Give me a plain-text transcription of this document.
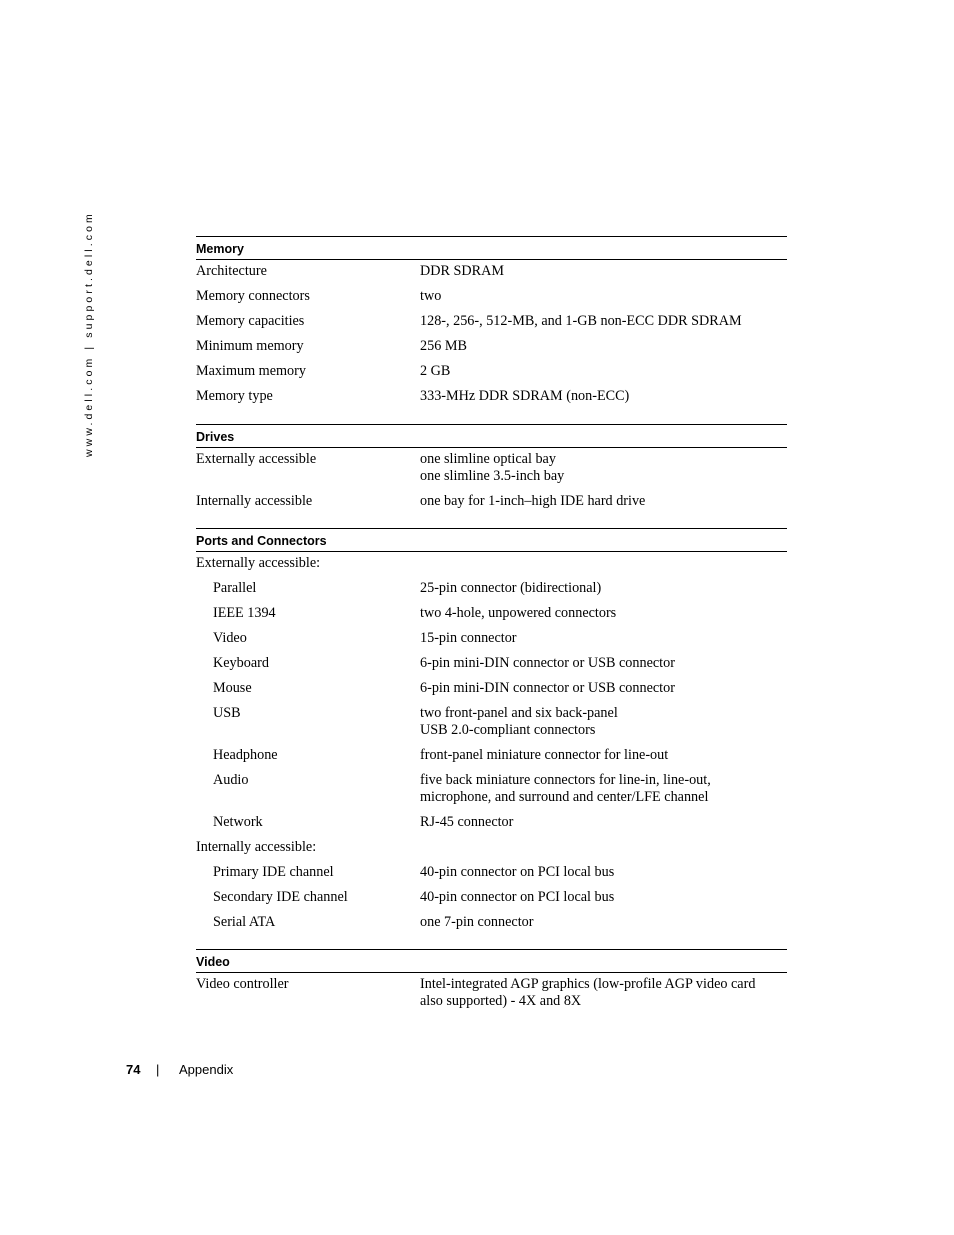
www.dell.com | support.dell.com	Memory
Architecture	DDR SDRAM
Memory connectors	two
Memory capacities	128-, 256-, 512-MB, and 1-GB non-ECC DDR SDRAM
Minimum memory	256 MB
Maximum memory	2 GB
Memory type	333-MHz DDR SDRAM (non-ECC)
Drives
Externally accessible	one slimline optical bay
one slimline 3.5-inch bay
Internally accessible	one bay for 1-inch–high IDE hard drive
Ports and Connectors
Externally accessible:
Parallel	25-pin connector (bidirectional)
IEEE 1394	two 4-hole, unpowered connectors
Video	15-pin connector
Keyboard	6-pin mini-DIN connector or USB connector
Mouse	6-pin mini-DIN connector or USB connector
USB	two front-panel and six back-panel
USB 2.0-compliant connectors
Headphone	front-panel miniature connector for line-out
Audio	five back miniature connectors for line-in, line-out,
microphone, and surround and center/LFE channel
Network	RJ-45 connector
Internally accessible:
Primary IDE channel	40-pin connector on PCI local bus
Secondary IDE channel	40-pin connector on PCI local bus
Serial ATA	one 7-pin connector
Video
Video controller	Intel-integrated AGP graphics (low-profile AGP video card
also supported) - 4X and 8X
74 | Appendix
